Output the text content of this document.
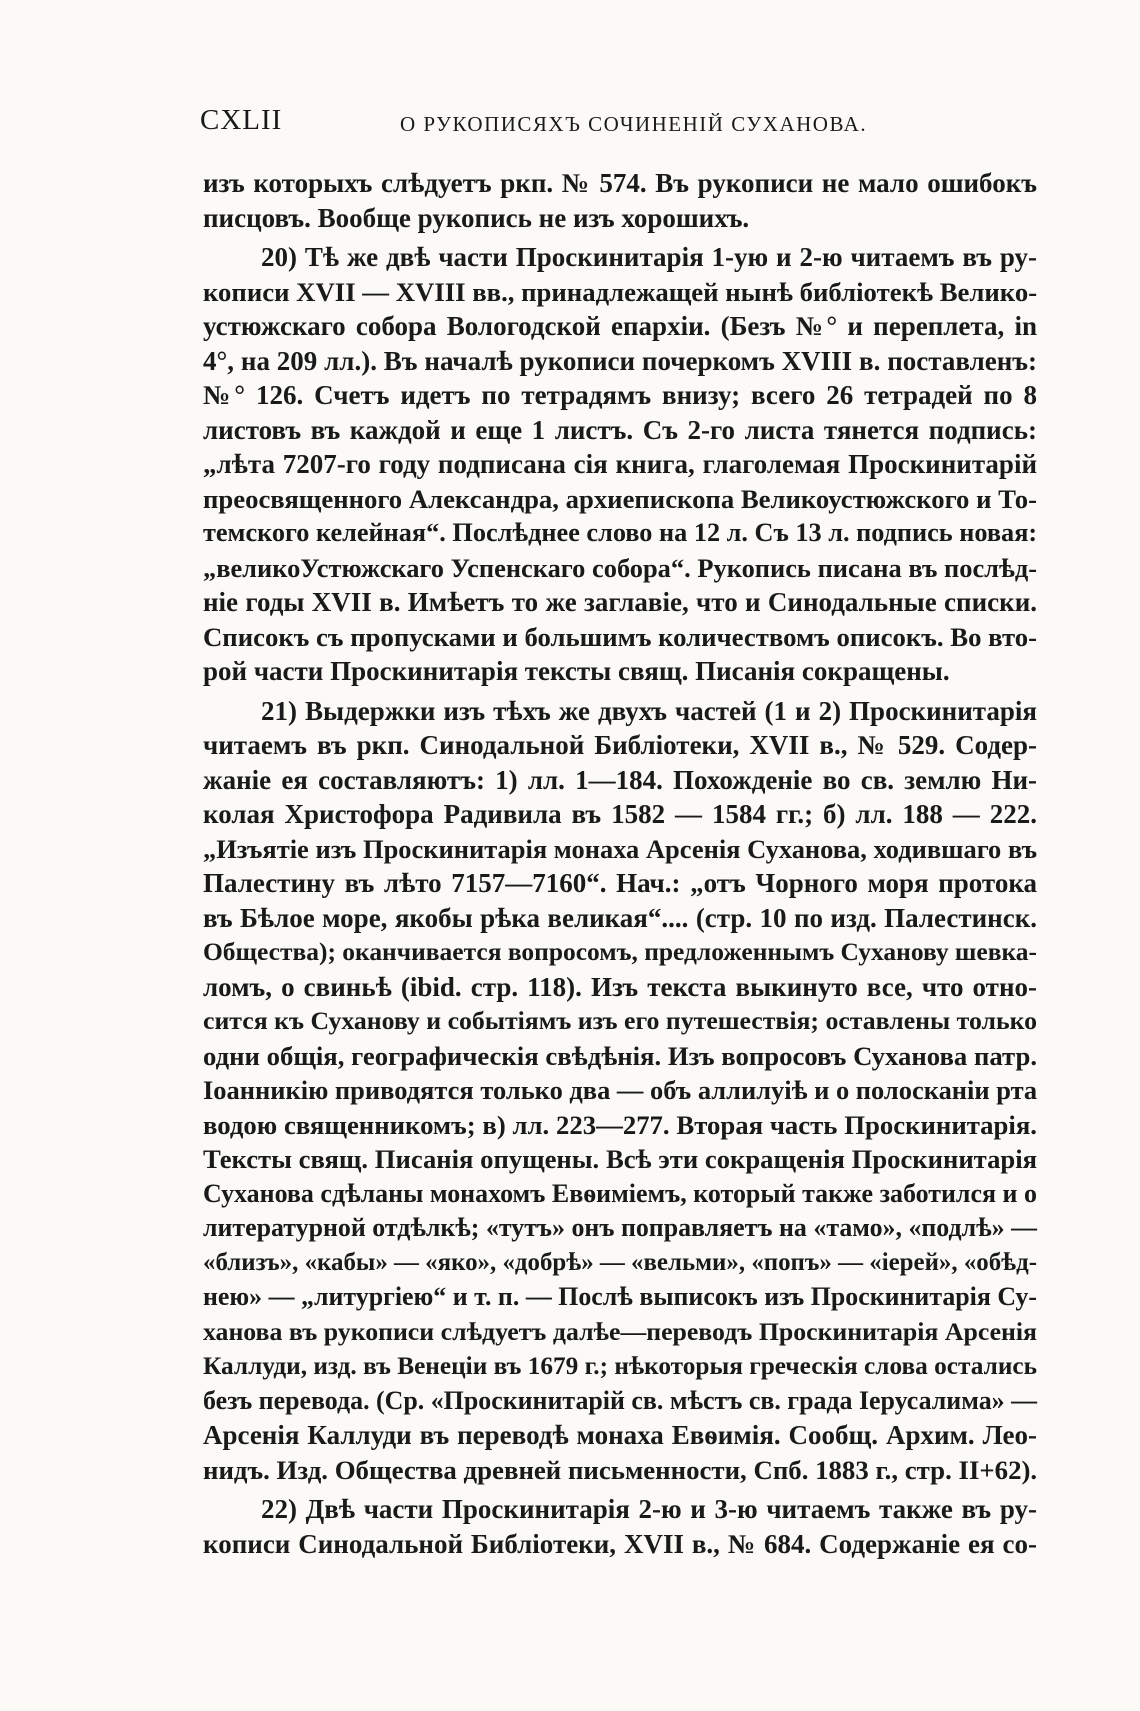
CXLII	О РУКОПИСЯХЪ СОЧИНЕНІЙ СУХАНОВА.
изъ которыхъ слѣдуетъ ркп. № 574. Въ рукописи не мало ошибокъ
писцовъ. Вообще рукопись не изъ хорошихъ.
20) Тѣ же двѣ части Проскинитарія 1-ую и 2-ю читаемъ въ ру-
кописи XVII — XVIII вв., принадлежащей нынѣ библіотекѣ Велико-
устюжскаго собора Вологодской епархіи. (Безъ №° и переплета, in
4°, на 209 лл.). Въ началѣ рукописи почеркомъ XVIII в. поставленъ:
№° 126. Счетъ идетъ по тетрадямъ внизу; всего 26 тетрадей по 8
листовъ въ каждой и еще 1 листъ. Съ 2-го листа тянется подпись:
„лѣта 7207-го году подписана сія книга, глаголемая Проскинитарій
преосвященного Александра, архиепископа Великоустюжского и То-
темского келейная“. Послѣднее слово на 12 л. Съ 13 л. подпись новая:
„великоУстюжскаго Успенскаго собора“. Рукопись писана въ послѣд-
ніе годы XVII в. Имѣетъ то же заглавіе, что и Синодальные списки.
Списокъ съ пропусками и большимъ количествомъ описокъ. Во вто-
рой части Проскинитарія тексты свящ. Писанія сокращены.
21) Выдержки изъ тѣхъ же двухъ частей (1 и 2) Проскинитарія
читаемъ въ ркп. Синодальной Библіотеки, XVII в., № 529. Содер-
жаніе ея составляютъ: 1) лл. 1—184. Похожденіе во св. землю Ни-
колая Христофора Радивила въ 1582 — 1584 гг.; б) лл. 188 — 222.
„Изъятіе изъ Проскинитарія монаха Арсенія Суханова, ходившаго въ
Палестину въ лѣто 7157—7160“. Нач.: „отъ Чорного моря протока
въ Бѣлое море, якобы рѣка великая“.... (стр. 10 по изд. Палестинск.
Общества); оканчивается вопросомъ, предложеннымъ Суханову шевка-
ломъ, о свиньѣ (ibid. стр. 118). Изъ текста выкинуто все, что отно-
сится къ Суханову и событіямъ изъ его путешествія; оставлены только
одни общія, географическія свѣдѣнія. Изъ вопросовъ Суханова патр.
Іоанникію приводятся только два — объ аллилуіѣ и о полосканіи рта
водою священникомъ; в) лл. 223—277. Вторая часть Проскинитарія.
Тексты свящ. Писанія опущены. Всѣ эти сокращенія Проскинитарія
Суханова сдѣланы монахомъ Евѳиміемъ, который также заботился и о
литературной отдѣлкѣ; «тутъ» онъ поправляетъ на «тамо», «подлѣ» —
«близъ», «кабы» — «яко», «добрѣ» — «вельми», «попъ» — «іерей», «обѣд-
нею» — „литургіею“ и т. п. — Послѣ выписокъ изъ Проскинитарія Су-
ханова въ рукописи слѣдуетъ далѣе—переводъ Проскинитарія Арсенія
Каллуди, изд. въ Венеціи въ 1679 г.; нѣкоторыя греческія слова остались
безъ перевода. (Ср. «Проскинитарій св. мѣстъ св. града Іерусалима» —
Арсенія Каллуди въ переводѣ монаха Евѳимія. Сообщ. Архим. Лео-
нидъ. Изд. Общества древней письменности, Спб. 1883 г., стр. II+62).
22) Двѣ части Проскинитарія 2-ю и 3-ю читаемъ также въ ру-
кописи Синодальной Библіотеки, XVII в., № 684. Содержаніе ея со-
